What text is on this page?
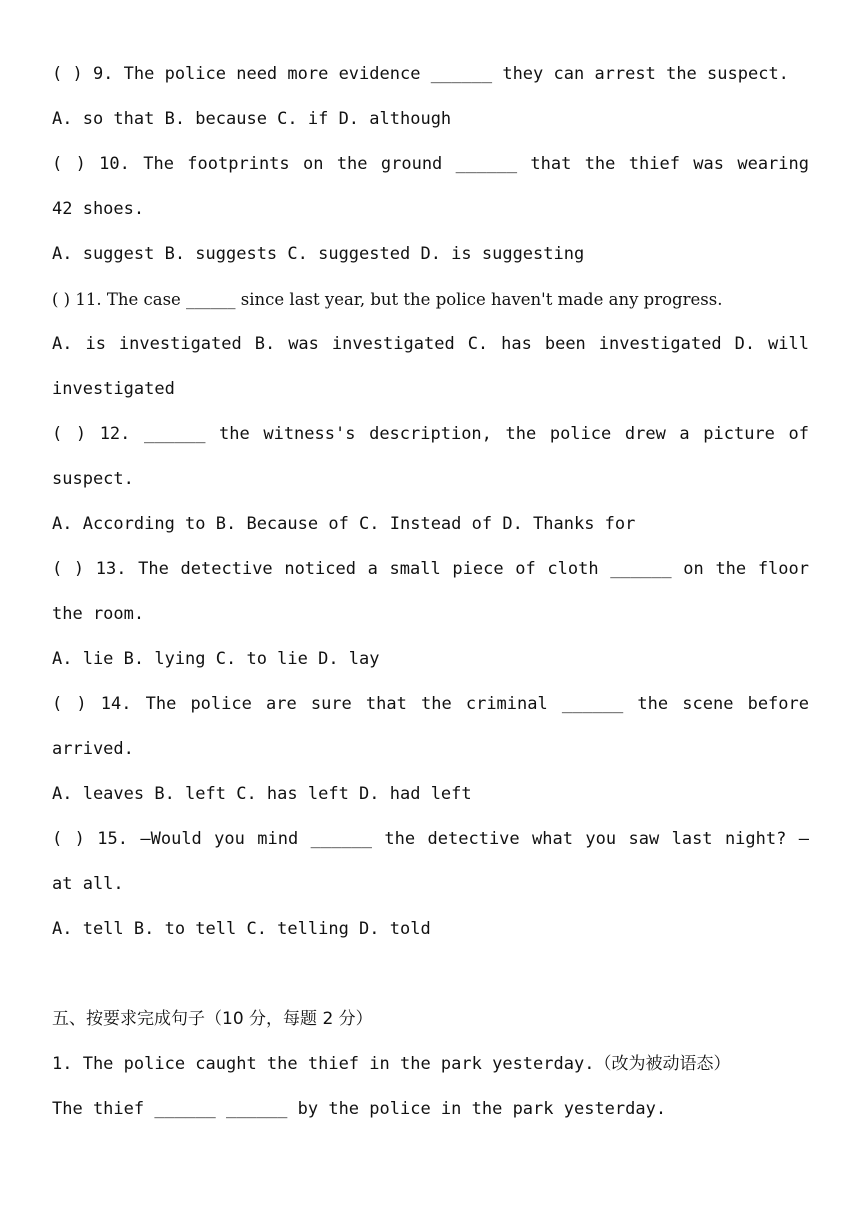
( ) 9. The police need more evidence ______ they can arrest the suspect.
A. so that B. because C. if D. although
( ) 10. The footprints on the ground ______ that the thief was wearing
42 shoes.
A. suggest B. suggests C. suggested D. is suggesting
( ) 11. The case ______ since last year, but the police haven't made any progress.
A. is investigated B. was investigated C. has been investigated D. will
investigated
( ) 12. ______ the witness's description, the police drew a picture of
suspect.
A. According to B. Because of C. Instead of D. Thanks for
( ) 13. The detective noticed a small piece of cloth ______ on the floor
the room.
A. lie B. lying C. to lie D. lay
( ) 14. The police are sure that the criminal ______ the scene before
arrived.
A. leaves B. left C. has left D. had left
( ) 15. —Would you mind ______ the detective what you saw last night? —
at all.
A. tell B. to tell C. telling D. told
五、按要求完成句子（10 分，每题 2 分）
1. The police caught the thief in the park yesterday.（改为被动语态）
The thief ______ ______ by the police in the park yesterday.
